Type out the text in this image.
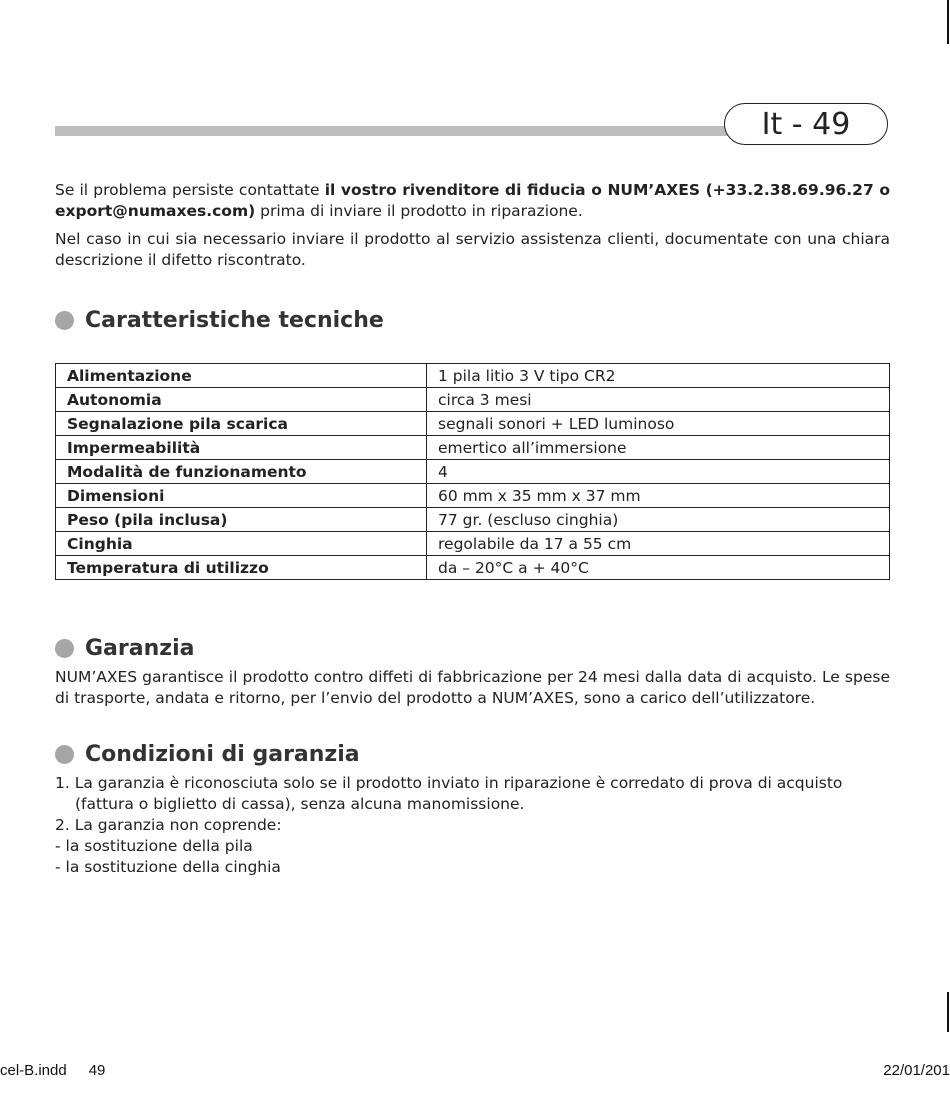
It - 49

Se il problema persiste contattate il vostro rivenditore di fiducia o NUM’AXES (+33.2.38.69.96.27 o export@numaxes.com) prima di inviare il prodotto in riparazione.

Nel caso in cui sia necessario inviare il prodotto al servizio assistenza clienti, documentate con una chiara descrizione il difetto riscontrato.

Caratteristiche tecniche
Alimentazione	1 pila litio 3 V tipo CR2
Autonomia	circa 3 mesi
Segnalazione pila scarica	segnali sonori + LED luminoso
Impermeabilità	emertico all’immersione
Modalità de funzionamento	4
Dimensioni	60 mm x 35 mm x 37 mm
Peso (pila inclusa)	77 gr. (escluso cinghia)
Cinghia	regolabile da 17 a 55 cm
Temperatura di utilizzo	da – 20°C a + 40°C
Garanzia

NUM’AXES garantisce il prodotto contro diffeti di fabbricazione per 24 mesi dalla data di acquisto. Le spese di trasporte, andata e ritorno, per l’envio del prodotto a NUM’AXES, sono a carico dell’utilizzatore.

Condizioni di garanzia

1. La garanzia è riconosciuta solo se il prodotto inviato in riparazione è corredato di prova di acquisto

(fattura o biglietto di cassa), senza alcuna manomissione.

2. La garanzia non coprende:

- la sostituzione della pila

- la sostituzione della cinghia

cel-B.indd 49	22/01/201
